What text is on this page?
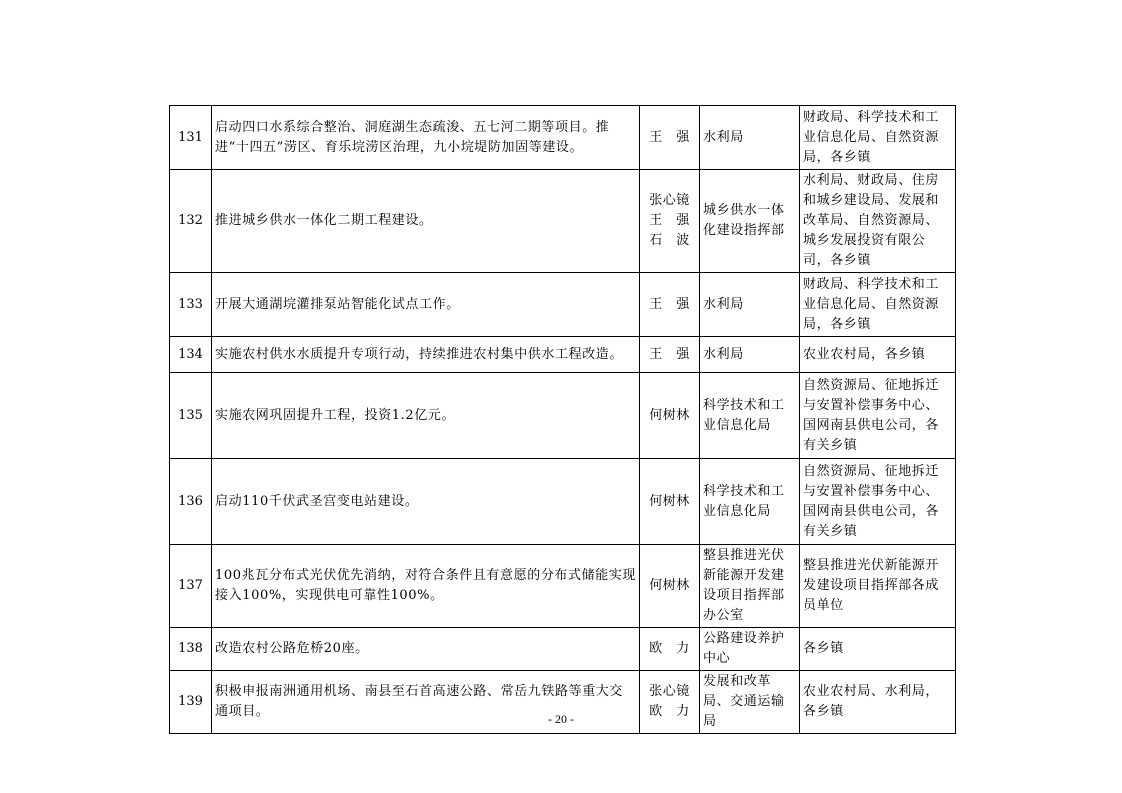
131	启动四口水系综合整治、洞庭湖生态疏浚、五七河二期等项目。推进“十四五”涝区、育乐垸涝区治理，九小垸堤防加固等建设。	王　强	水利局	财政局、科学技术和工业信息化局、自然资源局，各乡镇
132	推进城乡供水一体化二期工程建设。	张心镜
王　强
石　波	城乡供水一体化建设指挥部	水利局、财政局、住房和城乡建设局、发展和改革局、自然资源局、城乡发展投资有限公司，各乡镇
133	开展大通湖垸灌排泵站智能化试点工作。	王　强	水利局	财政局、科学技术和工业信息化局、自然资源局，各乡镇
134	实施农村供水水质提升专项行动，持续推进农村集中供水工程改造。	王　强	水利局	农业农村局，各乡镇
135	实施农网巩固提升工程，投资1.2亿元。	何树林	科学技术和工业信息化局	自然资源局、征地拆迁与安置补偿事务中心、国网南县供电公司，各有关乡镇
136	启动110千伏武圣宫变电站建设。	何树林	科学技术和工业信息化局	自然资源局、征地拆迁与安置补偿事务中心、国网南县供电公司，各有关乡镇
137	100兆瓦分布式光伏优先消纳，对符合条件且有意愿的分布式储能实现接入100%，实现供电可靠性100%。	何树林	整县推进光伏新能源开发建设项目指挥部办公室	整县推进光伏新能源开发建设项目指挥部各成员单位
138	改造农村公路危桥20座。	欧　力	公路建设养护中心	各乡镇
139	积极申报南洲通用机场、南县至石首高速公路、常岳九铁路等重大交通项目。	张心镜
欧　力	发展和改革局、交通运输局	农业农村局、水利局，各乡镇
- 20 -
